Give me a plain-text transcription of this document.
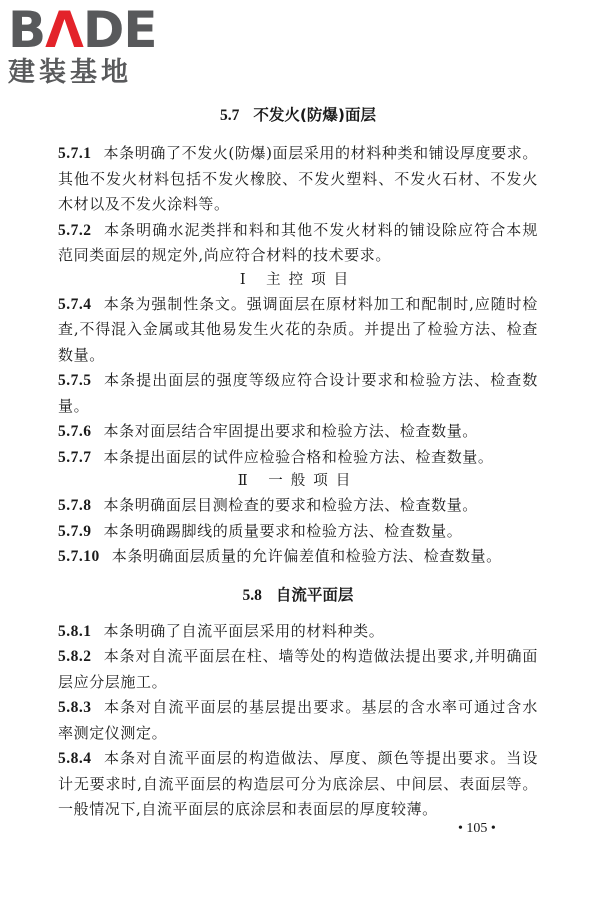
BΛDE
建装基地
5.7 不发火(防爆)面层
5.7.1 本条明确了不发火(防爆)面层采用的材料种类和铺设厚度要求。其他不发火材料包括不发火橡胶、不发火塑料、不发火石材、不发火木材以及不发火涂料等。
5.7.2 本条明确水泥类拌和料和其他不发火材料的铺设除应符合本规范同类面层的规定外,尚应符合材料的技术要求。
Ⅰ 主控项目
5.7.4 本条为强制性条文。强调面层在原材料加工和配制时,应随时检查,不得混入金属或其他易发生火花的杂质。并提出了检验方法、检查数量。
5.7.5 本条提出面层的强度等级应符合设计要求和检验方法、检查数量。
5.7.6 本条对面层结合牢固提出要求和检验方法、检查数量。
5.7.7 本条提出面层的试件应检验合格和检验方法、检查数量。
Ⅱ 一般项目
5.7.8 本条明确面层目测检查的要求和检验方法、检查数量。
5.7.9 本条明确踢脚线的质量要求和检验方法、检查数量。
5.7.10 本条明确面层质量的允许偏差值和检验方法、检查数量。
5.8 自流平面层
5.8.1 本条明确了自流平面层采用的材料种类。
5.8.2 本条对自流平面层在柱、墙等处的构造做法提出要求,并明确面层应分层施工。
5.8.3 本条对自流平面层的基层提出要求。基层的含水率可通过含水率测定仪测定。
5.8.4 本条对自流平面层的构造做法、厚度、颜色等提出要求。当设计无要求时,自流平面层的构造层可分为底涂层、中间层、表面层等。一般情况下,自流平面层的底涂层和表面层的厚度较薄。
• 105 •
